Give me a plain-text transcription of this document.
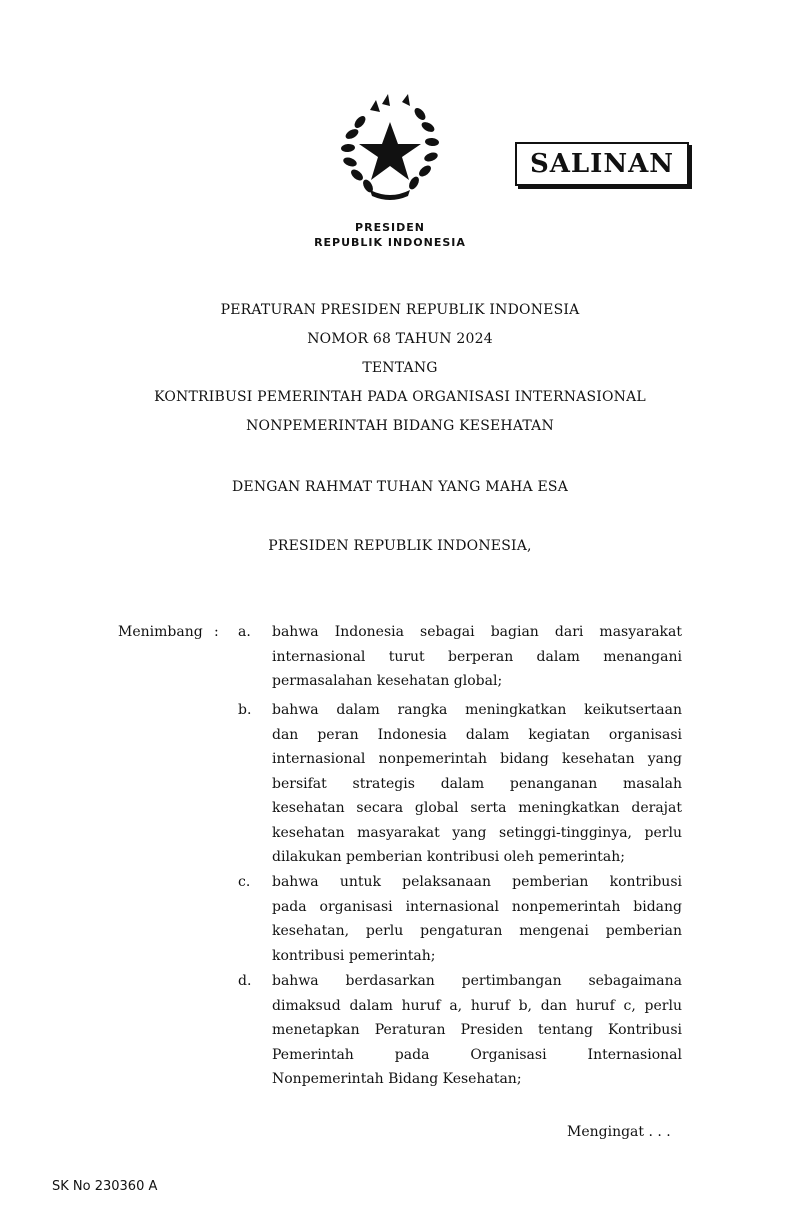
SALINAN
PRESIDEN
REPUBLIK INDONESIA
PERATURAN PRESIDEN REPUBLIK INDONESIA
NOMOR 68 TAHUN 2024
TENTANG
KONTRIBUSI PEMERINTAH PADA ORGANISASI INTERNASIONAL
NONPEMERINTAH BIDANG KESEHATAN
DENGAN RAHMAT TUHAN YANG MAHA ESA
PRESIDEN REPUBLIK INDONESIA,
Menimbang : a. bahwa Indonesia sebagai bagian dari masyarakat
internasional turut berperan dalam menangani
permasalahan kesehatan global;
b. bahwa dalam rangka meningkatkan keikutsertaan
dan peran Indonesia dalam kegiatan organisasi
internasional nonpemerintah bidang kesehatan yang
bersifat strategis dalam penanganan masalah
kesehatan secara global serta meningkatkan derajat
kesehatan masyarakat yang setinggi-tingginya, perlu
dilakukan pemberian kontribusi oleh pemerintah;
c. bahwa untuk pelaksanaan pemberian kontribusi
pada organisasi internasional nonpemerintah bidang
kesehatan, perlu pengaturan mengenai pemberian
kontribusi pemerintah;
d. bahwa berdasarkan pertimbangan sebagaimana
dimaksud dalam huruf a, huruf b, dan huruf c, perlu
menetapkan Peraturan Presiden tentang Kontribusi
Pemerintah pada Organisasi Internasional
Nonpemerintah Bidang Kesehatan;
Mengingat . . .
SK No 230360 A
